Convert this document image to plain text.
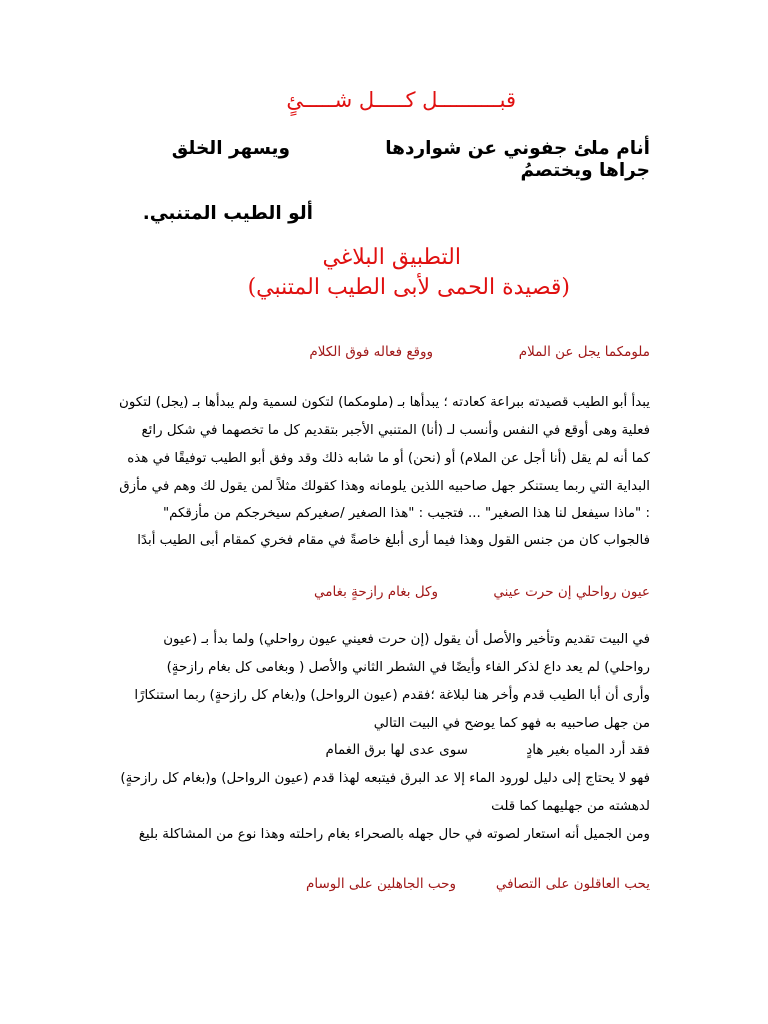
قبــــــــــل كـــــل شـــــئٍ

أنام ملئ جفوني عن شواردها

ويسهر الخلق

جراها ويختصمُ

ألو الطيب المتنبي.

التطبيق البلاغي

(قصيدة الحمى لأبى الطيب المتنبي)

ملومكما يجل عن الملام

ووقع فعاله فوق الكلام

يبدأ أبو الطيب قصيدته ببراعة كعادته ؛ يبدأها بـ (ملومكما) لتكون لسمية ولم يبدأها بـ (يجل) لتكون

فعلية وهى أوقع في النفس وأنسب لـ (أنا) المتنبي الأجبر بتقديم كل ما تخصهما في شكل رائع

كما أنه لم يقل (أنا أجل عن الملام) أو (نحن) أو ما شابه ذلك وقد وفق أبو الطيب توفيقًا في هذه

البداية التي ربما يستنكر جهل صاحبيه اللذين يلومانه وهذا كقولك مثلاً لمن يقول لك وهم في مأزق

: "ماذا سيفعل لنا هذا الصغير" ... فتجيب : "هذا الصغير /صغيركم سيخرجكم من مأزقكم"

فالجواب كان من جنس القول وهذا فيما أرى أبلغ خاصةً في مقام فخري كمقام أبى الطيب أبدًا

عيون رواحلي إن حرت عيني

وكل بغام رازحةٍ بغامي

في البيت تقديم وتأخير والأصل أن يقول (إن حرت فعيني عيون رواحلي) ولما بدأ بـ (عيون

رواحلي) لم يعد داع لذكر الفاء وأيضًا في الشطر الثاني والأصل ( وبغامى كل بغام رازحةٍ)

وأرى أن أبا الطيب قدم وأخر هنا لبلاغة ؛فقدم (عيون الرواحل) و(بغام كل رازحةٍ) ربما استنكارًا

من جهل صاحبيه به فهو كما يوضح في البيت التالي

فقد أرد المياه بغير هادٍ

سوى عدى لها برق الغمام

فهو لا يحتاج إلى دليل لورود الماء إلا عد البرق فيتبعه لهذا قدم (عيون الرواحل) و(بغام كل رازحةٍ)

لدهشته من جهليهما كما قلت

ومن الجميل أنه استعار لصوته في حال جهله بالصحراء بغام راحلته وهذا نوع من المشاكلة بليغ

يحب العاقلون على التصافي

وحب الجاهلين على الوسام
